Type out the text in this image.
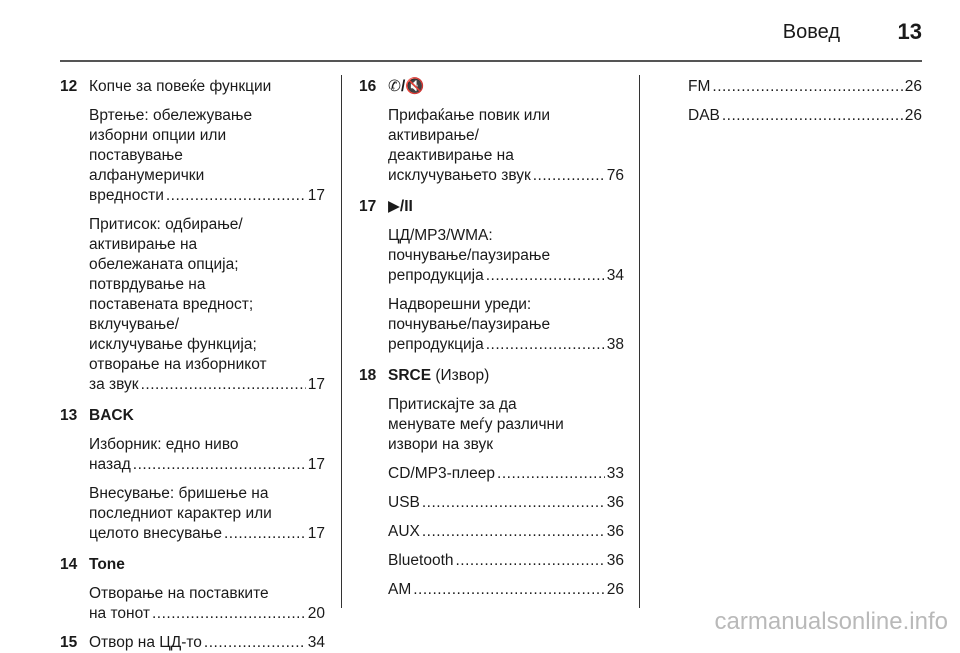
Вовед	13
12 Копче за повеќе функции
Вртење: обележување
изборни опции или
поставување
алфанумерички
вредности .....	17
Притисок: одбирање/
активирање на
обележаната опција;
потврдување на
поставената вредност;
вклучување/
исклучување функција;
отворање на изборникот
за звук .....	17
13 BACK
Изборник: едно ниво
назад .....	17
Внесување: бришење на
последниот карактер или
целото внесување .....	17
14 Tone
Отворање на поставките
на тонот .....	20
15 Отвор на ЦД-то .....	34
16 ✆/🔇
Прифаќање повик или
активирање/
деактивирање на
исклучувањето звук .....	76
17 ▶/II
ЦД/MP3/WMA:
почнување/паузирање
репродукција .....	34
Надворешни уреди:
почнување/паузирање
репродукција .....	38
18 SRCE (Извор)
Притискајте за да
менувате меѓу различни
извори на звук
CD/MP3-плеер .....	33
USB .....	36
AUX .....	36
Bluetooth .....	36
AM .....	26
FM .....	26
DAB .....	26
carmanualsonline.info
